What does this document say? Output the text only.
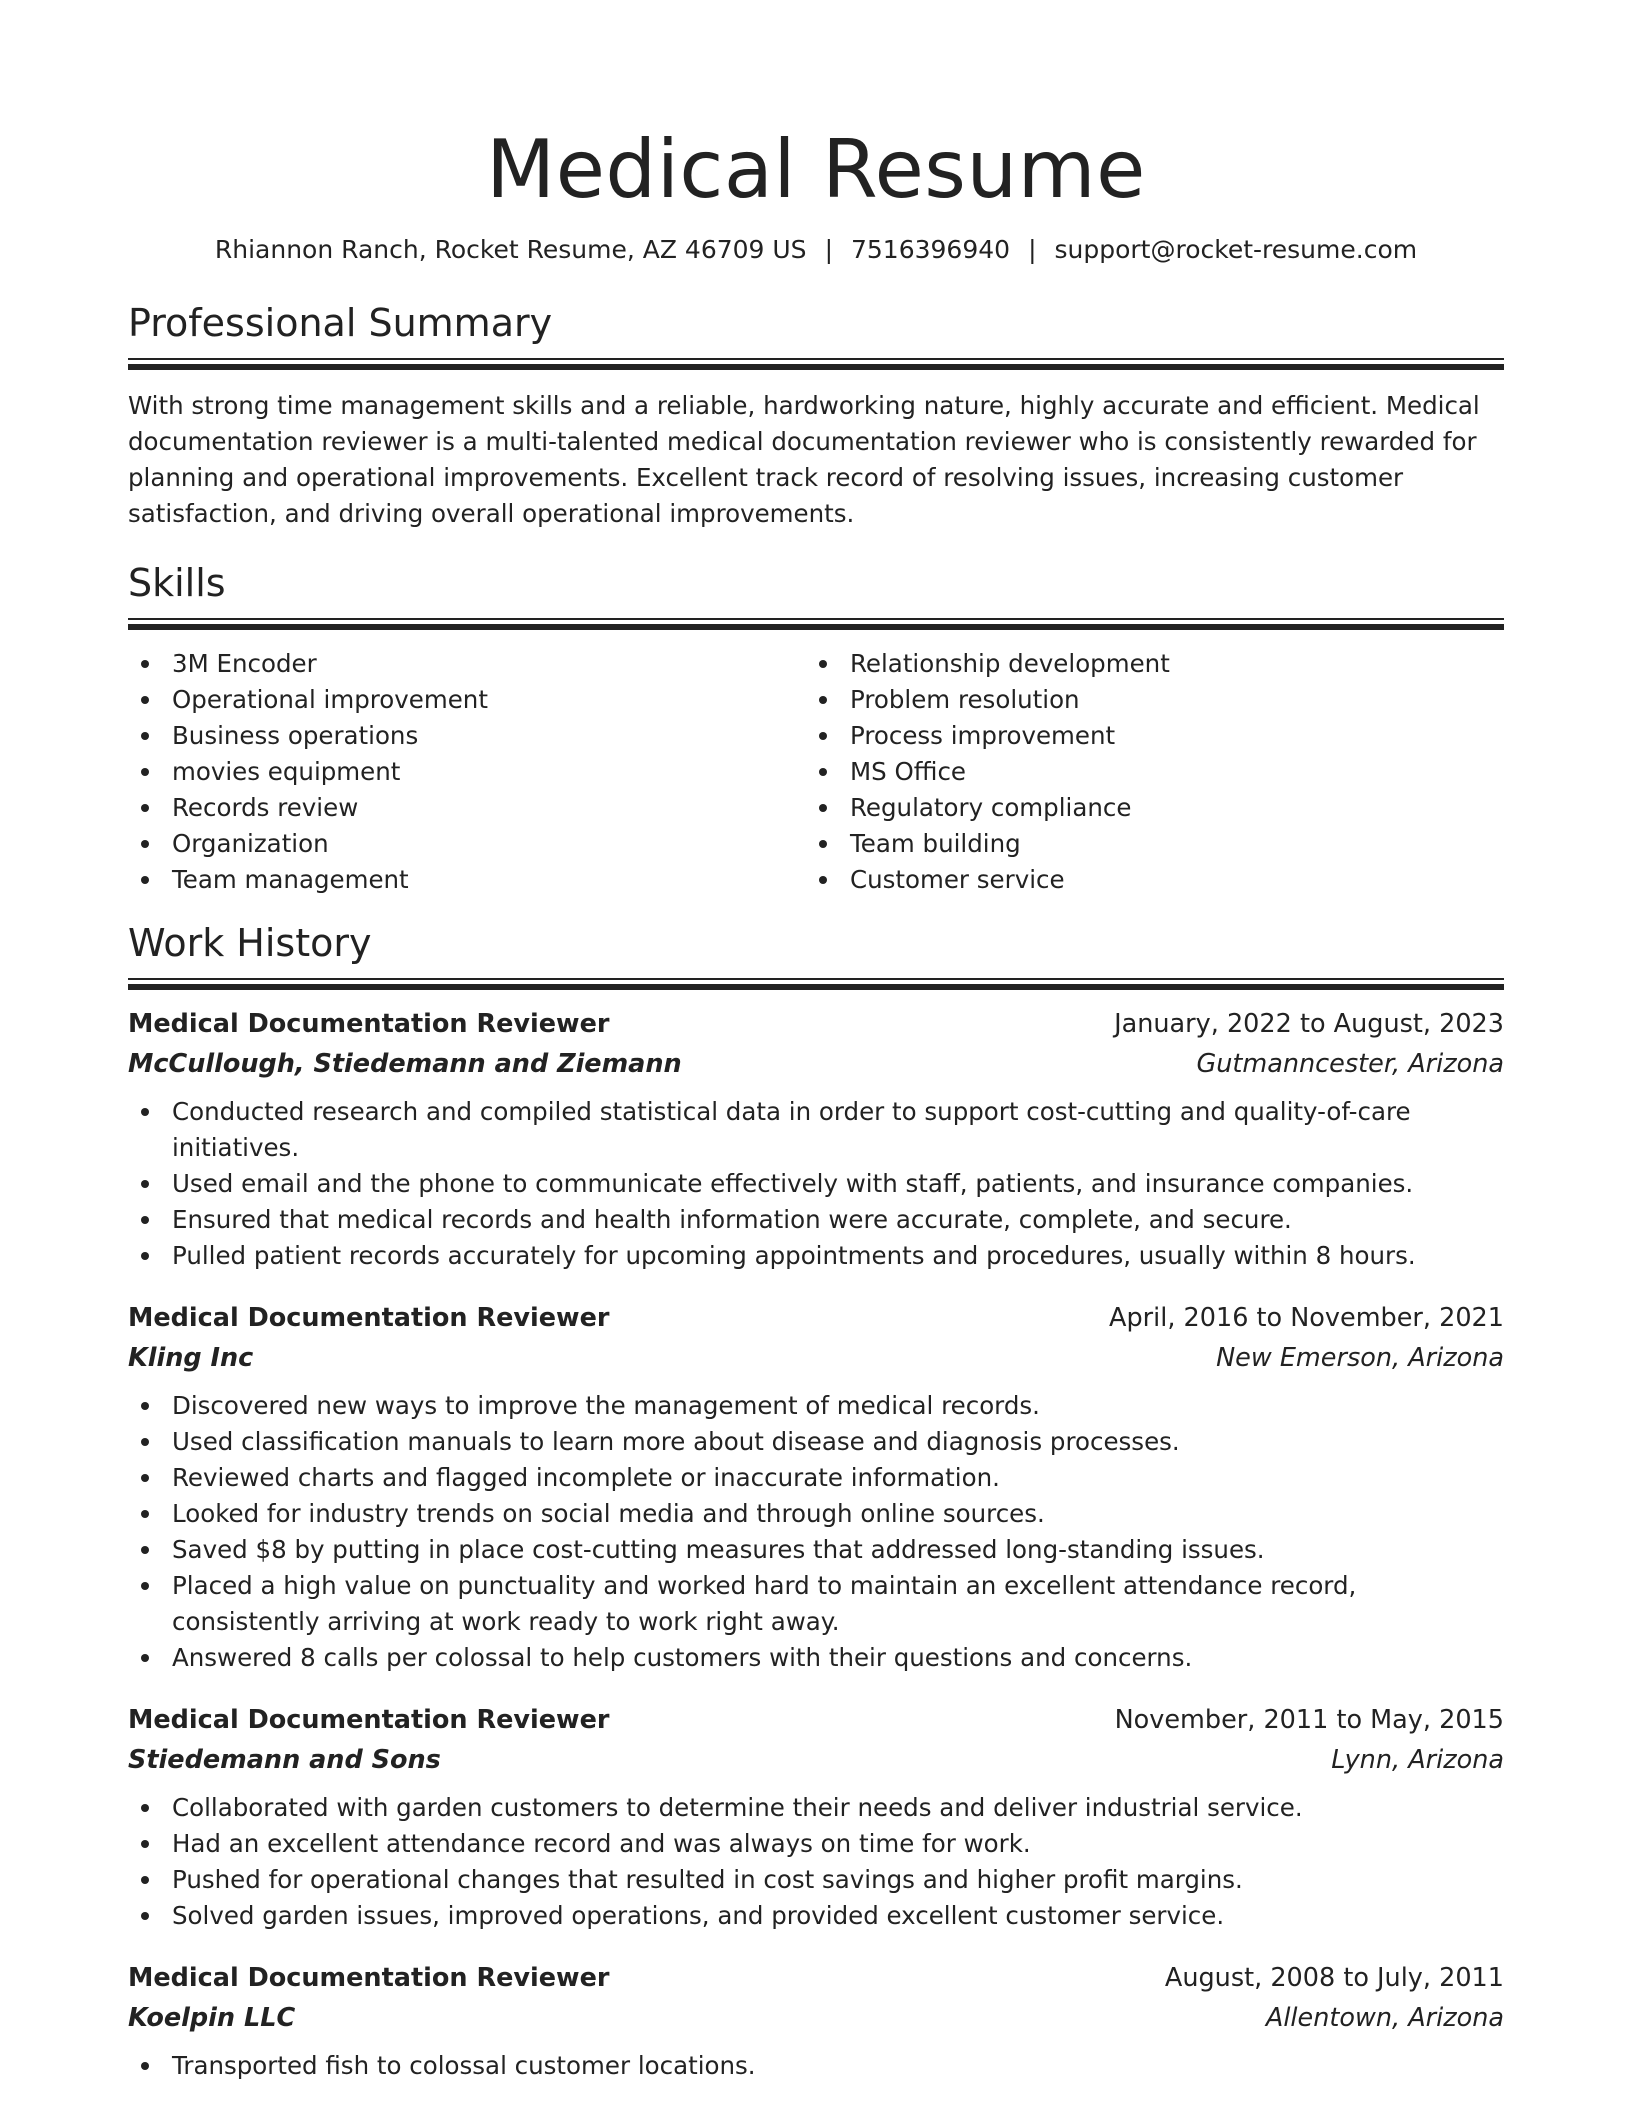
Medical Resume
Rhiannon Ranch, Rocket Resume, AZ 46709 US | 7516396940 | support@rocket-resume.com
Professional Summary

With strong time management skills and a reliable, hardworking nature, highly accurate and efficient. Medical documentation reviewer is a multi-talented medical documentation reviewer who is consistently rewarded for planning and operational improvements. Excellent track record of resolving issues, increasing customer satisfaction, and driving overall operational improvements.

Skills
3M Encoder
Operational improvement
Business operations
movies equipment
Records review
Organization
Team management
Relationship development
Problem resolution
Process improvement
MS Office
Regulatory compliance
Team building
Customer service
Work History
Medical Documentation Reviewer	January, 2022 to August, 2023
McCullough, Stiedemann and Ziemann	Gutmanncester, Arizona
Conducted research and compiled statistical data in order to support cost-cutting and quality-of-care initiatives.
Used email and the phone to communicate effectively with staff, patients, and insurance companies.
Ensured that medical records and health information were accurate, complete, and secure.
Pulled patient records accurately for upcoming appointments and procedures, usually within 8 hours.
Medical Documentation Reviewer	April, 2016 to November, 2021
Kling Inc	New Emerson, Arizona
Discovered new ways to improve the management of medical records.
Used classification manuals to learn more about disease and diagnosis processes.
Reviewed charts and flagged incomplete or inaccurate information.
Looked for industry trends on social media and through online sources.
Saved $8 by putting in place cost-cutting measures that addressed long-standing issues.
Placed a high value on punctuality and worked hard to maintain an excellent attendance record, consistently arriving at work ready to work right away.
Answered 8 calls per colossal to help customers with their questions and concerns.
Medical Documentation Reviewer	November, 2011 to May, 2015
Stiedemann and Sons	Lynn, Arizona
Collaborated with garden customers to determine their needs and deliver industrial service.
Had an excellent attendance record and was always on time for work.
Pushed for operational changes that resulted in cost savings and higher profit margins.
Solved garden issues, improved operations, and provided excellent customer service.
Medical Documentation Reviewer	August, 2008 to July, 2011
Koelpin LLC	Allentown, Arizona
Transported fish to colossal customer locations.
